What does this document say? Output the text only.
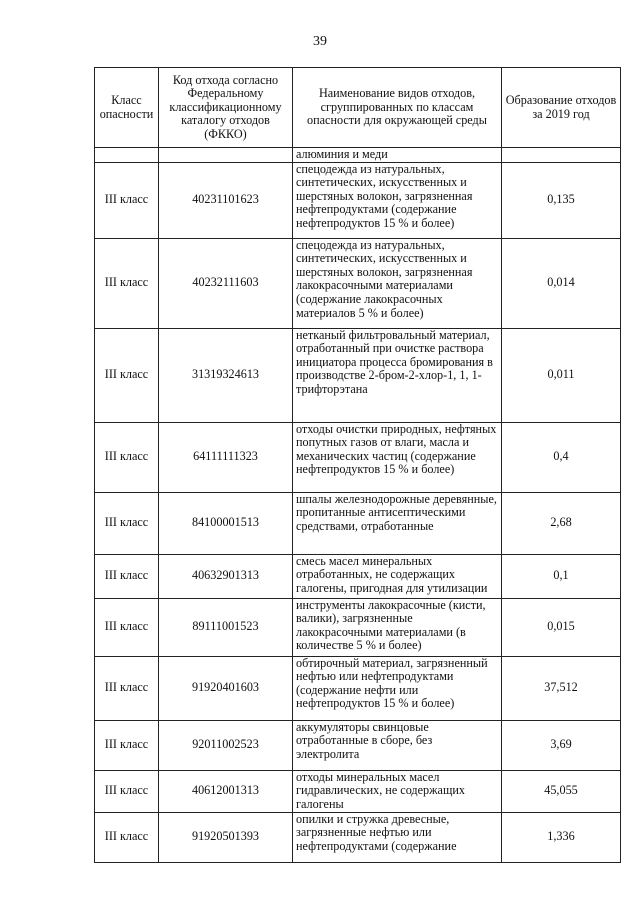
39
Класс опасности	Код отхода согласно Федеральному классификационному каталогу отходов (ФККО)	Наименование видов отходов, сгруппированных по классам опасности для окружающей среды	Образование отходов за 2019 год
		алюминия и меди	
III класс	40231101623	спецодежда из натуральных, синтетических, искусственных и шерстяных волокон, загрязненная нефтепродуктами (содержание нефтепродуктов 15 % и более)	0,135
III класс	40232111603	спецодежда из натуральных, синтетических, искусственных и шерстяных волокон, загрязненная лакокрасочными материалами (содержание лакокрасочных материалов 5 % и более)	0,014
III класс	31319324613	нетканый фильтровальный материал, отработанный при очистке раствора инициатора процесса бромирования в производстве 2-бром-2-хлор-1, 1, 1-трифторэтана	0,011
III класс	64111111323	отходы очистки природных, нефтяных попутных газов от влаги, масла и механических частиц (содержание нефтепродуктов 15 % и более)	0,4
III класс	84100001513	шпалы железнодорожные деревянные, пропитанные антисептическими средствами, отработанные	2,68
III класс	40632901313	смесь масел минеральных отработанных, не содержащих галогены, пригодная для утилизации	0,1
III класс	89111001523	инструменты лакокрасочные (кисти, валики), загрязненные лакокрасочными материалами (в количестве 5 % и более)	0,015
III класс	91920401603	обтирочный материал, загрязненный нефтью или нефтепродуктами (содержание нефти или нефтепродуктов 15 % и более)	37,512
III класс	92011002523	аккумуляторы свинцовые отработанные в сборе, без электролита	3,69
III класс	40612001313	отходы минеральных масел гидравлических, не содержащих галогены	45,055
III класс	91920501393	опилки и стружка древесные, загрязненные нефтью или нефтепродуктами (содержание	1,336
